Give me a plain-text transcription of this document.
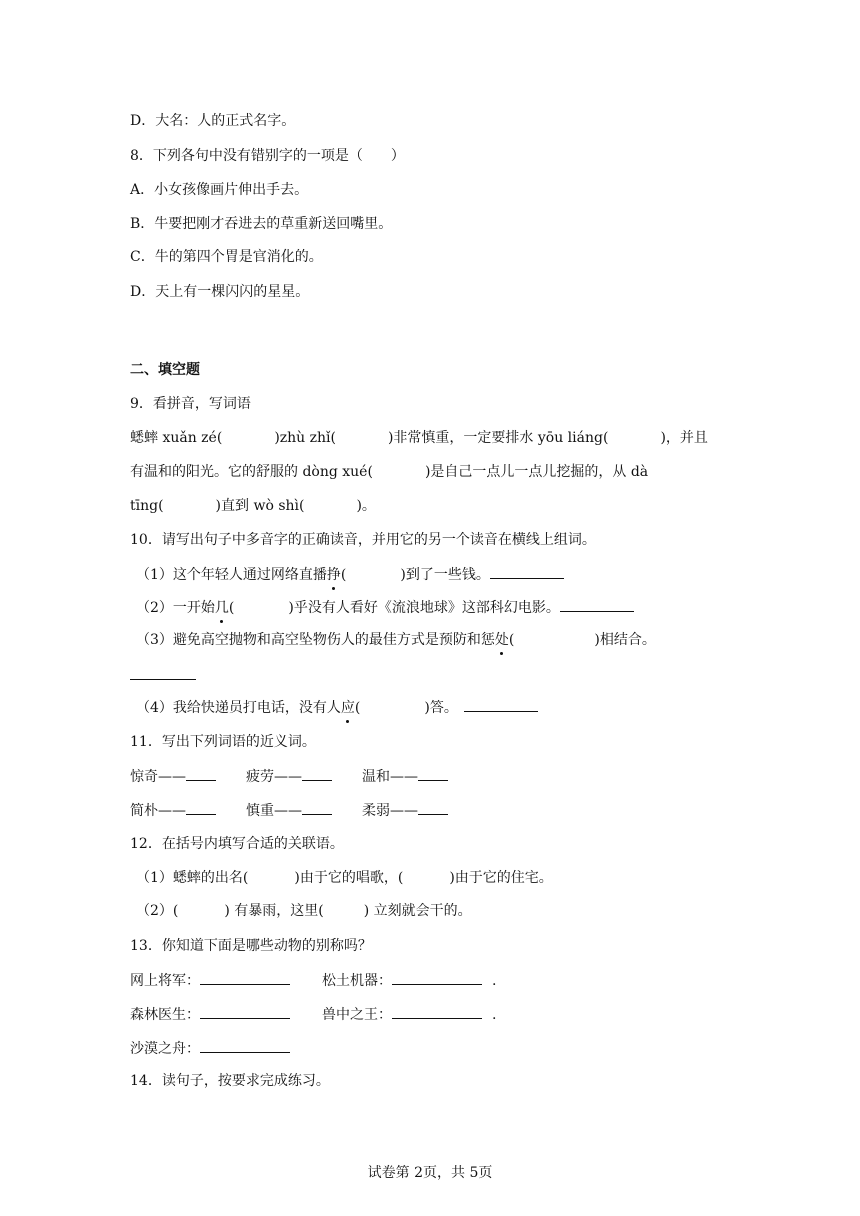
D．大名：人的正式名字。
8．下列各句中没有错别字的一项是（　　）
A．小女孩像画片伸出手去。
B．牛要把刚才吞进去的草重新送回嘴里。
C．牛的第四个胃是官消化的。
D．天上有一棵闪闪的星星。
二、填空题
9．看拼音，写词语
蟋蟀 xuǎn zé(	)zhù zhǐ(	)非常慎重，一定要排水 yōu liáng(	)，并且
有温和的阳光。它的舒服的 dòng xué(	)是自己一点儿一点儿挖掘的，从 dà
tīng(	)直到 wò shì(	)。
10．请写出句子中多音字的正确读音，并用它的另一个读音在横线上组词。
（1）这个年轻人通过网络直播挣(	)到了一些钱。
（2）一开始几(	)乎没有人看好《流浪地球》这部科幻电影。
（3）避免高空抛物和高空坠物伤人的最佳方式是预防和惩处(	)相结合。
（4）我给快递员打电话，没有人应(	)答。
11．写出下列词语的近义词。
惊奇——	疲劳——	温和——
简朴——	慎重——	柔弱——
12．在括号内填写合适的关联语。
（1）蟋蟀的出名(	)由于它的唱歌，(	)由于它的住宅。
（2）(	) 有暴雨，这里(	) 立刻就会干的。
13．你知道下面是哪些动物的别称吗？
网上将军：	松土机器：	.
森林医生：	兽中之王：	.
沙漠之舟：
14．读句子，按要求完成练习。
试卷第 2页，共 5页
